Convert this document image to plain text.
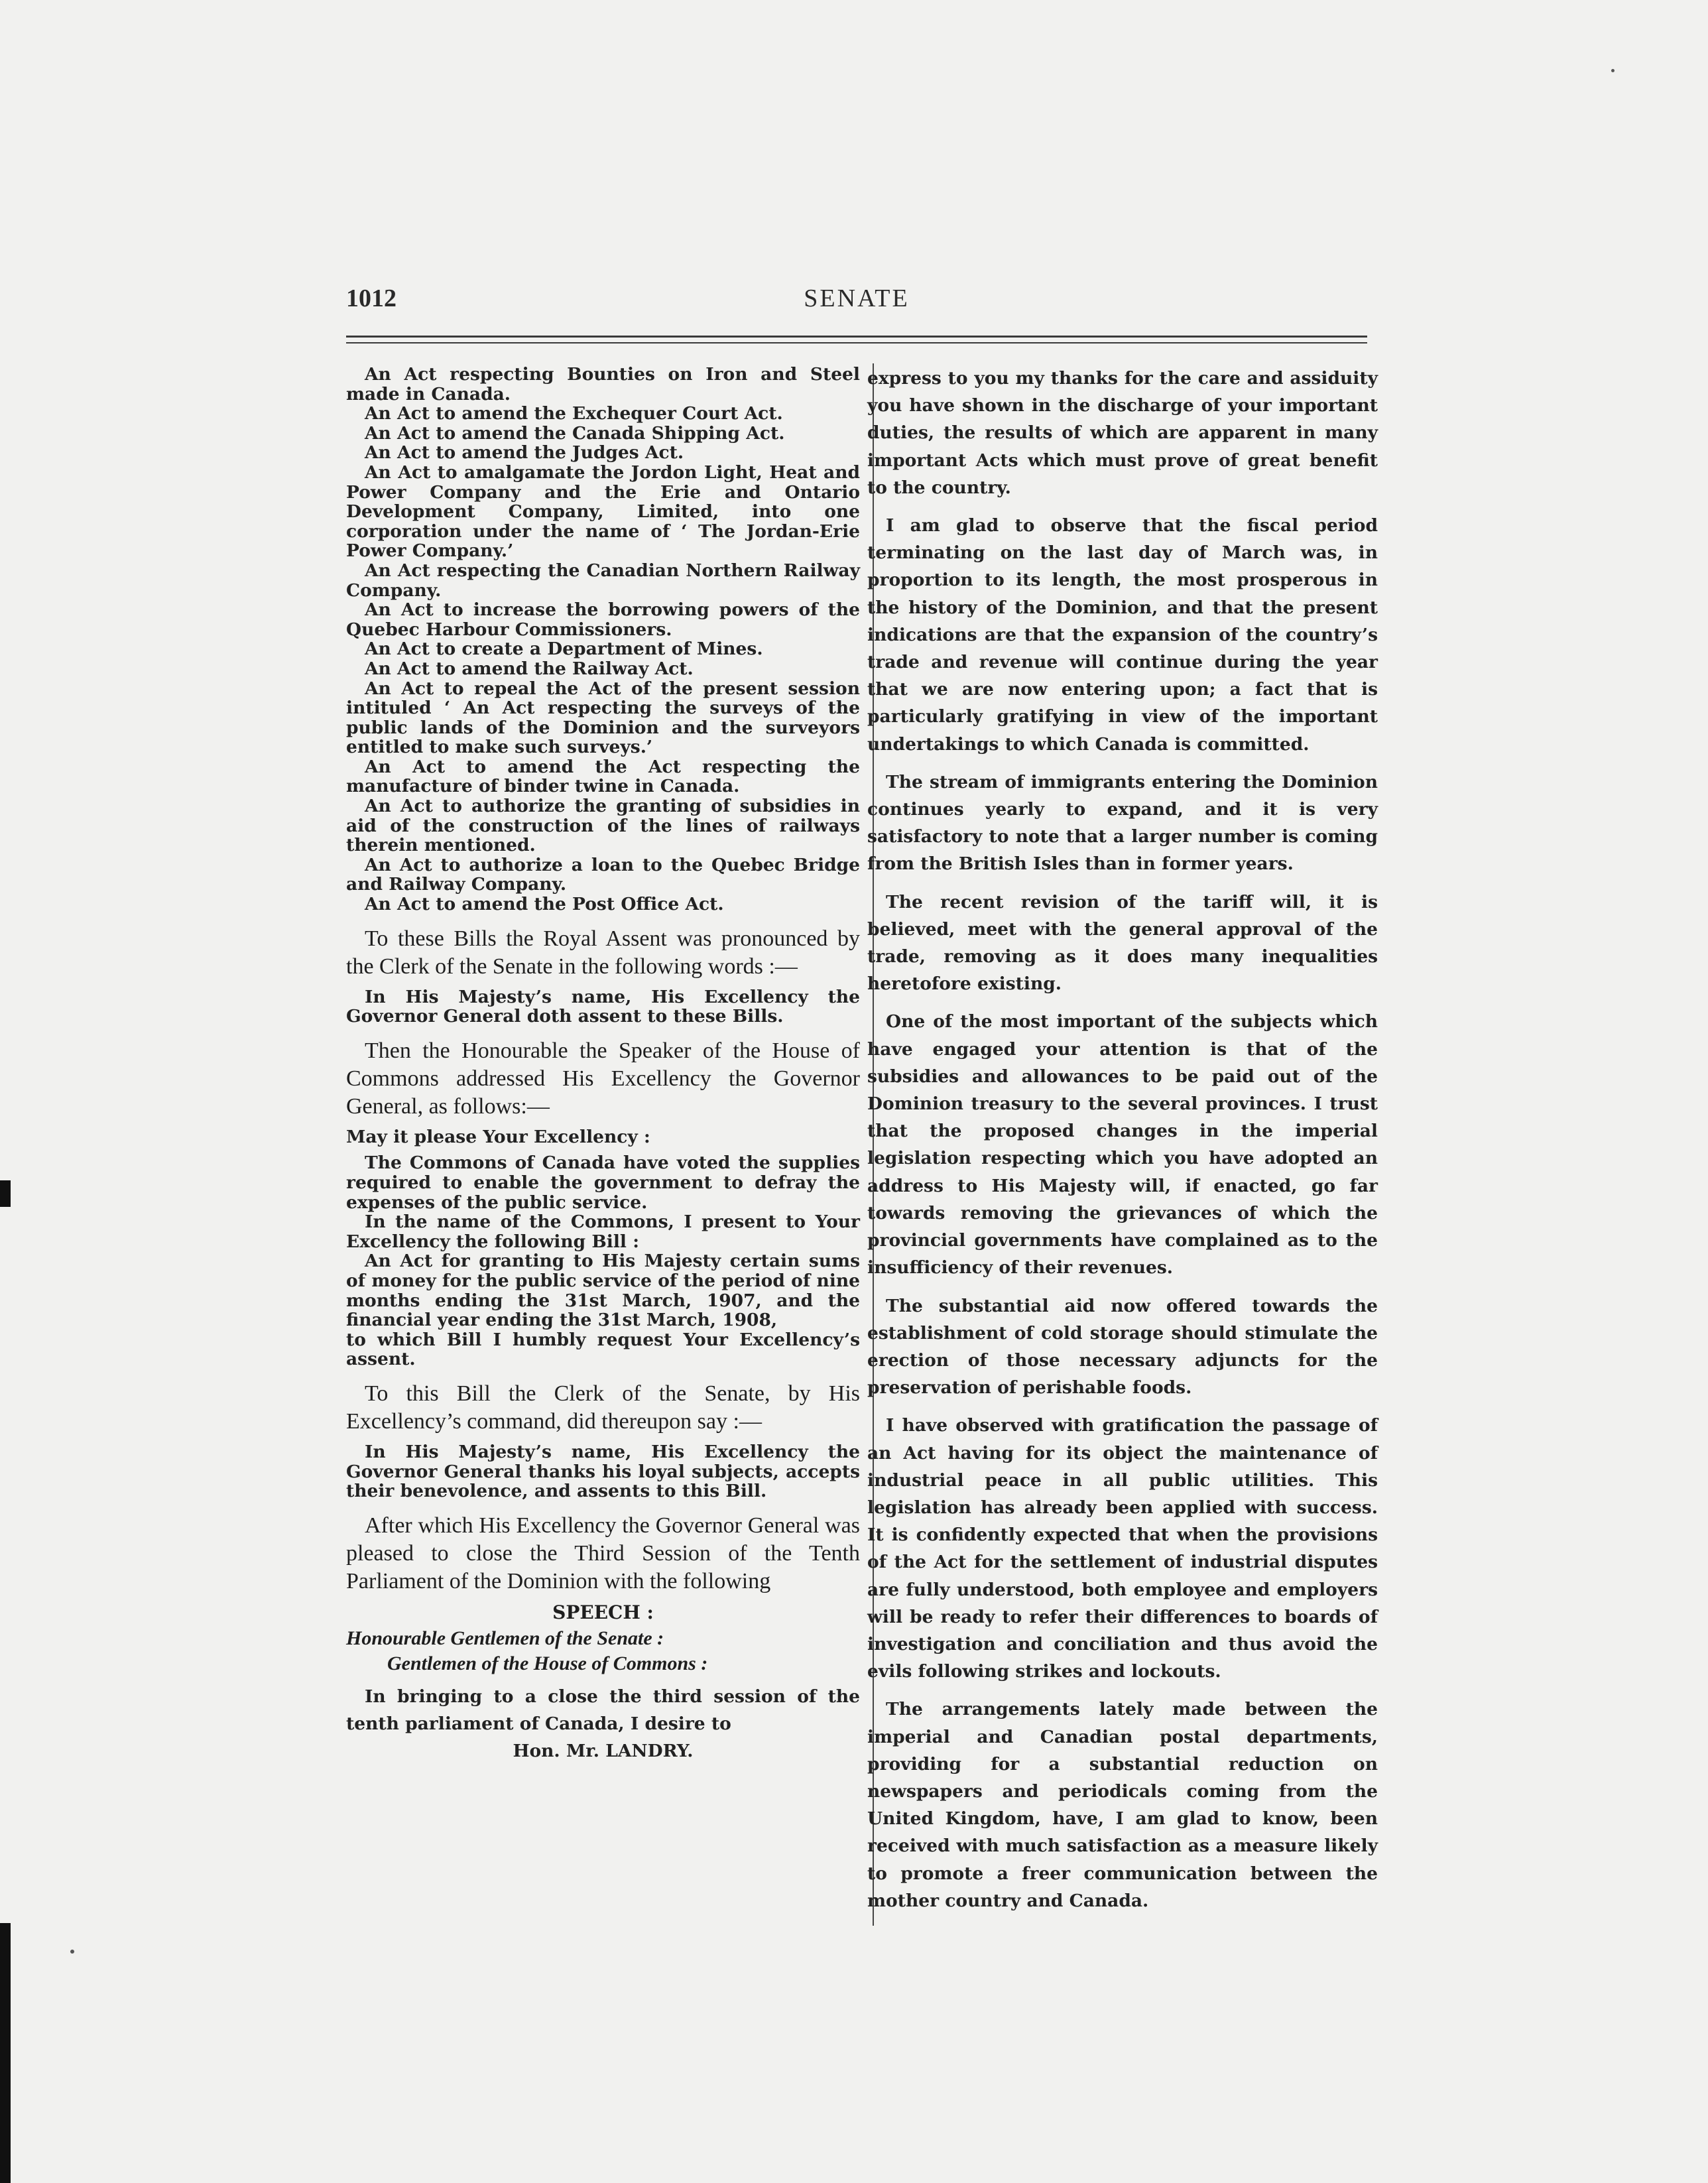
1012	SENATE

An Act respecting Bounties on Iron and Steel made in Canada.

An Act to amend the Exchequer Court Act.

An Act to amend the Canada Shipping Act.

An Act to amend the Judges Act.

An Act to amalgamate the Jordon Light, Heat and Power Company and the Erie and Ontario Development Company, Limited, into one corporation under the name of ‘ The Jordan-Erie Power Company.’

An Act respecting the Canadian Northern Railway Company.

An Act to increase the borrowing powers of the Quebec Harbour Commissioners.

An Act to create a Department of Mines.

An Act to amend the Railway Act.

An Act to repeal the Act of the present session intituled ‘ An Act respecting the surveys of the public lands of the Dominion and the surveyors entitled to make such surveys.’

An Act to amend the Act respecting the manufacture of binder twine in Canada.

An Act to authorize the granting of subsidies in aid of the construction of the lines of railways therein mentioned.

An Act to authorize a loan to the Quebec Bridge and Railway Company.

An Act to amend the Post Office Act.

To these Bills the Royal Assent was pronounced by the Clerk of the Senate in the following words :—

In His Majesty’s name, His Excellency the Governor General doth assent to these Bills.

Then the Honourable the Speaker of the House of Commons addressed His Excellency the Governor General, as follows:—

May it please Your Excellency :

The Commons of Canada have voted the supplies required to enable the government to defray the expenses of the public service.

In the name of the Commons, I present to Your Excellency the following Bill :

An Act for granting to His Majesty certain sums of money for the public service of the period of nine months ending the 31st March, 1907, and the financial year ending the 31st March, 1908,

to which Bill I humbly request Your Excellency’s assent.

To this Bill the Clerk of the Senate, by His Excellency’s command, did thereupon say :—

In His Majesty’s name, His Excellency the Governor General thanks his loyal subjects, accepts their benevolence, and assents to this Bill.

After which His Excellency the Governor General was pleased to close the Third Session of the Tenth Parliament of the Dominion with the following

SPEECH :

Honourable Gentlemen of the Senate :

Gentlemen of the House of Commons :

In bringing to a close the third session of the tenth parliament of Canada, I desire to

Hon. Mr. LANDRY.

express to you my thanks for the care and assiduity you have shown in the discharge of your important duties, the results of which are apparent in many important Acts which must prove of great benefit to the country.

I am glad to observe that the fiscal period terminating on the last day of March was, in proportion to its length, the most prosperous in the history of the Dominion, and that the present indications are that the expansion of the country’s trade and revenue will continue during the year that we are now entering upon; a fact that is particularly gratifying in view of the important undertakings to which Canada is committed.

The stream of immigrants entering the Dominion continues yearly to expand, and it is very satisfactory to note that a larger number is coming from the British Isles than in former years.

The recent revision of the tariff will, it is believed, meet with the general approval of the trade, removing as it does many inequalities heretofore existing.

One of the most important of the subjects which have engaged your attention is that of the subsidies and allowances to be paid out of the Dominion treasury to the several provinces. I trust that the proposed changes in the imperial legislation respecting which you have adopted an address to His Majesty will, if enacted, go far towards removing the grievances of which the provincial governments have complained as to the insufficiency of their revenues.

The substantial aid now offered towards the establishment of cold storage should stimulate the erection of those necessary adjuncts for the preservation of perishable foods.

I have observed with gratification the passage of an Act having for its object the maintenance of industrial peace in all public utilities. This legislation has already been applied with success. It is confidently expected that when the provisions of the Act for the settlement of industrial disputes are fully understood, both employee and employers will be ready to refer their differences to boards of investigation and conciliation and thus avoid the evils following strikes and lockouts.

The arrangements lately made between the imperial and Canadian postal departments, providing for a substantial reduction on newspapers and periodicals coming from the United Kingdom, have, I am glad to know, been received with much satisfaction as a measure likely to promote a freer communication between the mother country and Canada.
